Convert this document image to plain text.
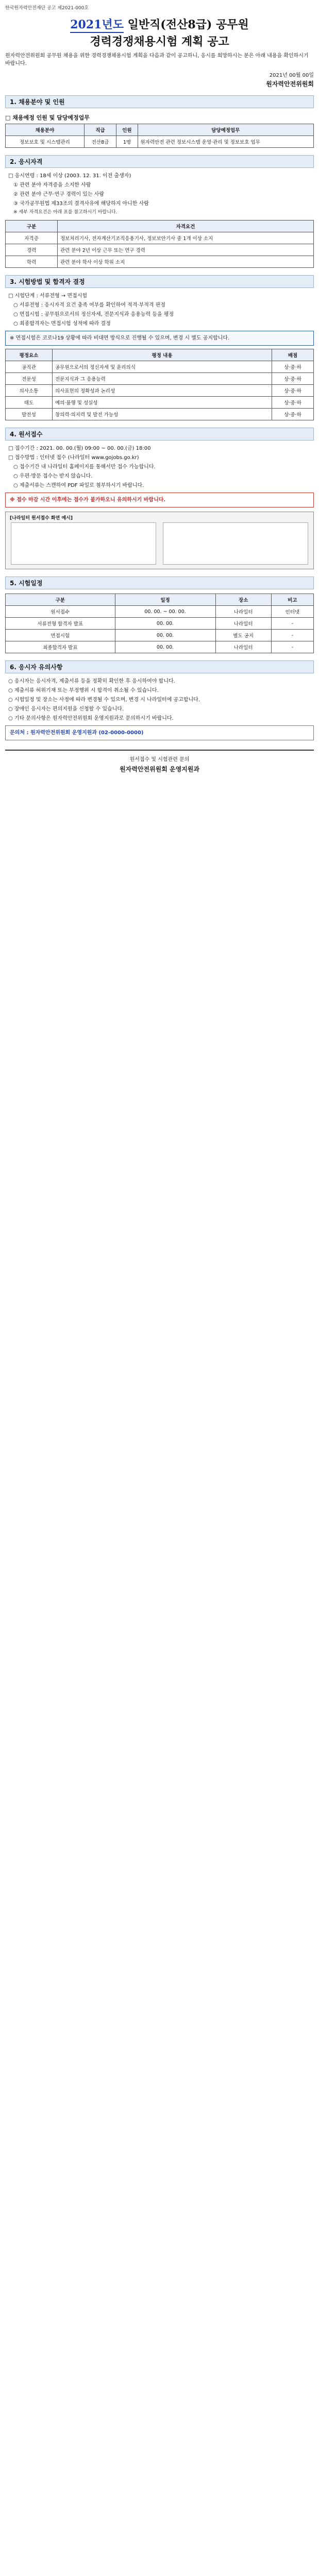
한국원자력안전재단 공고 제2021-000호
2021년도 일반직(전산8급) 공무원
경력경쟁채용시험 계획 공고
원자력안전위원회 공무원 채용을 위한 경력경쟁채용시험 계획을 다음과 같이 공고하니, 응시를 희망하시는 분은 아래 내용을 확인하시기 바랍니다.
2021년 00월 00일
원자력안전위원회
1. 채용분야 및 인원
□ 채용예정 인원 및 담당예정업무
채용분야	직급	인원	담당예정업무
정보보호 및 시스템관리	전산8급	1명	원자력안전 관련 정보시스템 운영·관리 및 정보보호 업무
2. 응시자격
□ 응시연령 : 18세 이상 (2003. 12. 31. 이전 출생자)
① 관련 분야 자격증을 소지한 사람
② 관련 분야 근무·연구 경력이 있는 사람
③ 국가공무원법 제33조의 결격사유에 해당하지 아니한 사람
※ 세부 자격요건은 아래 표를 참고하시기 바랍니다.
구분	자격요건
자격증	정보처리기사, 전자계산기조직응용기사, 정보보안기사 중 1개 이상 소지
경력	관련 분야 2년 이상 근무 또는 연구 경력
학력	관련 분야 학사 이상 학위 소지
3. 시험방법 및 합격자 결정
□ 시험단계 : 서류전형 → 면접시험
○ 서류전형 : 응시자격 요건 충족 여부를 확인하여 적격·부적격 판정
○ 면접시험 : 공무원으로서의 정신자세, 전문지식과 응용능력 등을 평정
○ 최종합격자는 면접시험 성적에 따라 결정
※ 면접시험은 코로나19 상황에 따라 비대면 방식으로 진행될 수 있으며, 변경 시 별도 공지합니다.
평정요소	평정 내용	배점
공직관	공무원으로서의 정신자세 및 윤리의식	상·중·하
전문성	전문지식과 그 응용능력	상·중·하
의사소통	의사표현의 정확성과 논리성	상·중·하
태도	예의·품행 및 성실성	상·중·하
발전성	창의력·의지력 및 발전 가능성	상·중·하
4. 원서접수
□ 접수기간 : 2021. 00. 00.(월) 09:00 ~ 00. 00.(금) 18:00
□ 접수방법 : 인터넷 접수 (나라일터 www.gojobs.go.kr)
○ 접수기간 내 나라일터 홈페이지를 통해서만 접수 가능합니다.
○ 우편·방문 접수는 받지 않습니다.
○ 제출서류는 스캔하여 PDF 파일로 첨부하시기 바랍니다.
※ 접수 마감 시간 이후에는 접수가 불가하오니 유의하시기 바랍니다.
[나라일터 원서접수 화면 예시]
5. 시험일정
구분	일정	장소	비고
원서접수	00. 00. ~ 00. 00.	나라일터	인터넷
서류전형 합격자 발표	00. 00.	나라일터	-
면접시험	00. 00.	별도 공지	-
최종합격자 발표	00. 00.	나라일터	-
6. 응시자 유의사항
○ 응시자는 응시자격, 제출서류 등을 정확히 확인한 후 응시하여야 합니다.
○ 제출서류 허위기재 또는 부정행위 시 합격이 취소될 수 있습니다.
○ 시험일정 및 장소는 사정에 따라 변경될 수 있으며, 변경 시 나라일터에 공고합니다.
○ 장애인 응시자는 편의지원을 신청할 수 있습니다.
○ 기타 문의사항은 원자력안전위원회 운영지원과로 문의하시기 바랍니다.
문의처 : 원자력안전위원회 운영지원과 (02-0000-0000)
원서접수 및 시험관련 문의
원자력안전위원회 운영지원과
